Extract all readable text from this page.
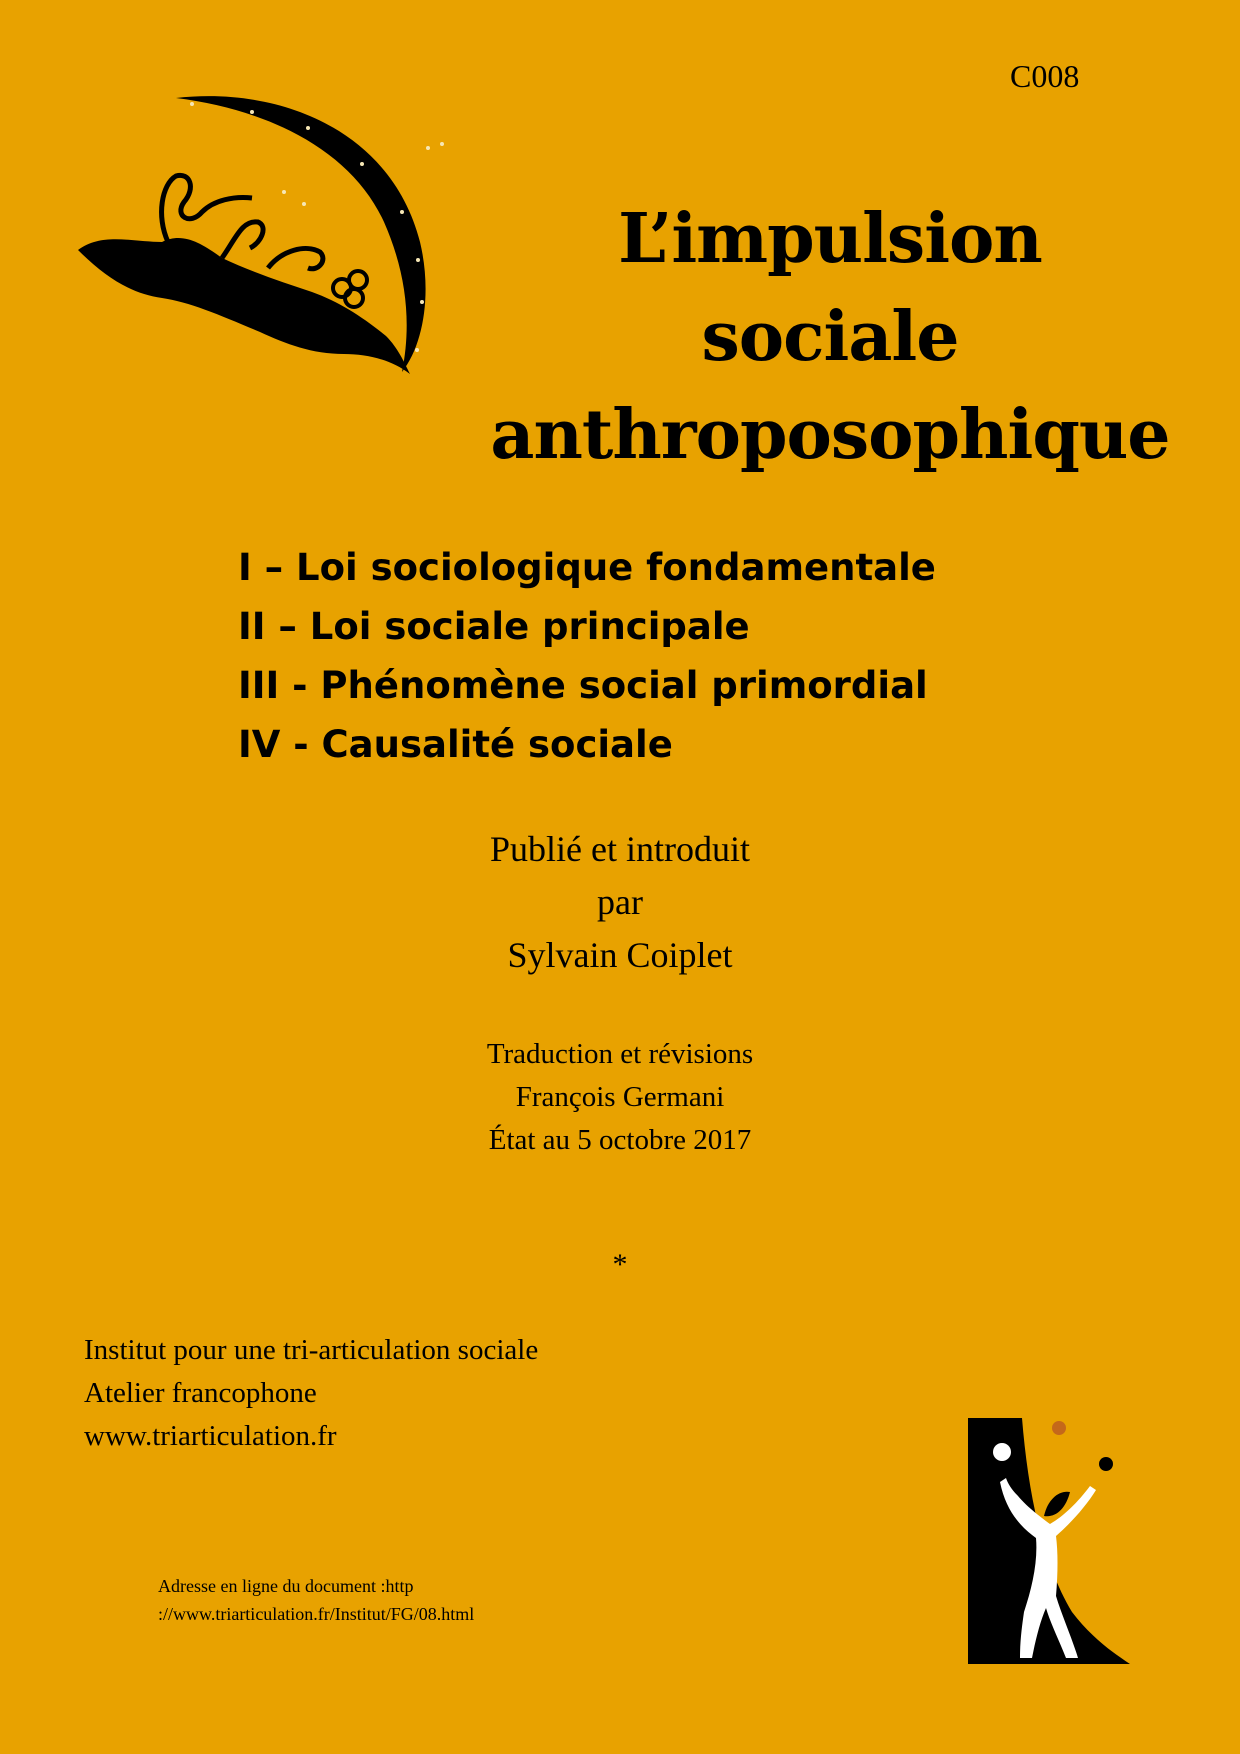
C008
L’impulsion
sociale
anthroposophique
I – Loi sociologique fondamentale
II – Loi sociale principale
III - Phénomène social primordial
IV - Causalité sociale
Publié et introduit
par
Sylvain Coiplet
Traduction et révisions
François Germani
État au 5 octobre 2017
*
Institut pour une tri-articulation sociale
Atelier francophone
www.triarticulation.fr
Adresse en ligne du document :http
://www.triarticulation.fr/Institut/FG/08.html
